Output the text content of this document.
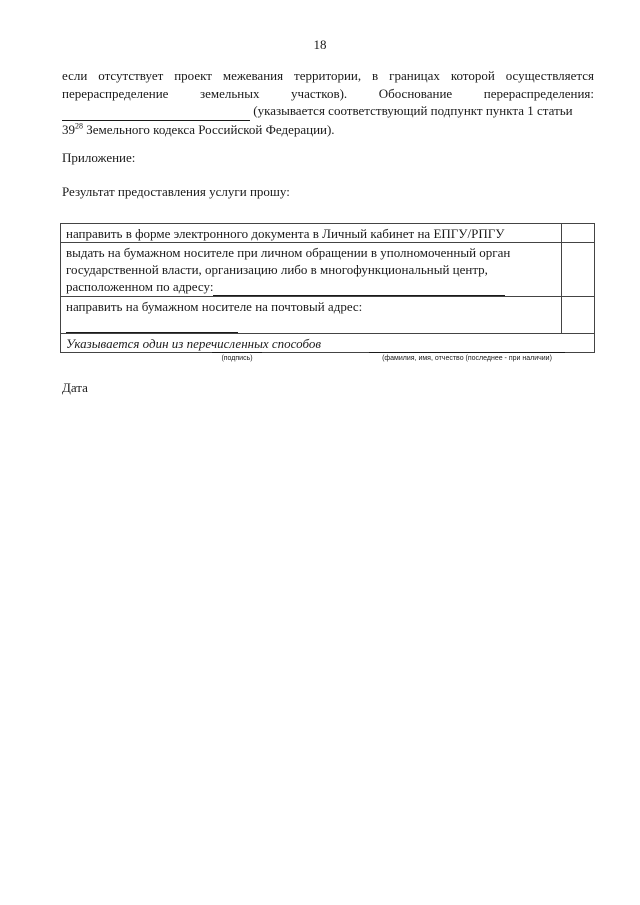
18
если отсутствует проект межевания территории, в границах которой осуществляется
перераспределение земельных участков). Обоснование перераспределения:
(указывается соответствующий подпункт пункта 1 статьи
$39^{28}$ Земельного кодекса Российской Федерации).
Приложение:
Результат предоставления услуги прошу:
направить в форме электронного документа в Личный кабинет на ЕПГУ/РПГУ	

выдать на бумажном носителе при личном обращении в уполномоченный орган
государственной власти, организацию либо в многофункциональный центр,
расположенном по адресу:	

направить на бумажном носителе на почтовый адрес:	

Указывается один из перечисленных способов	
(подпись)	(фамилия, имя, отчество (последнее - при наличии)
Дата
